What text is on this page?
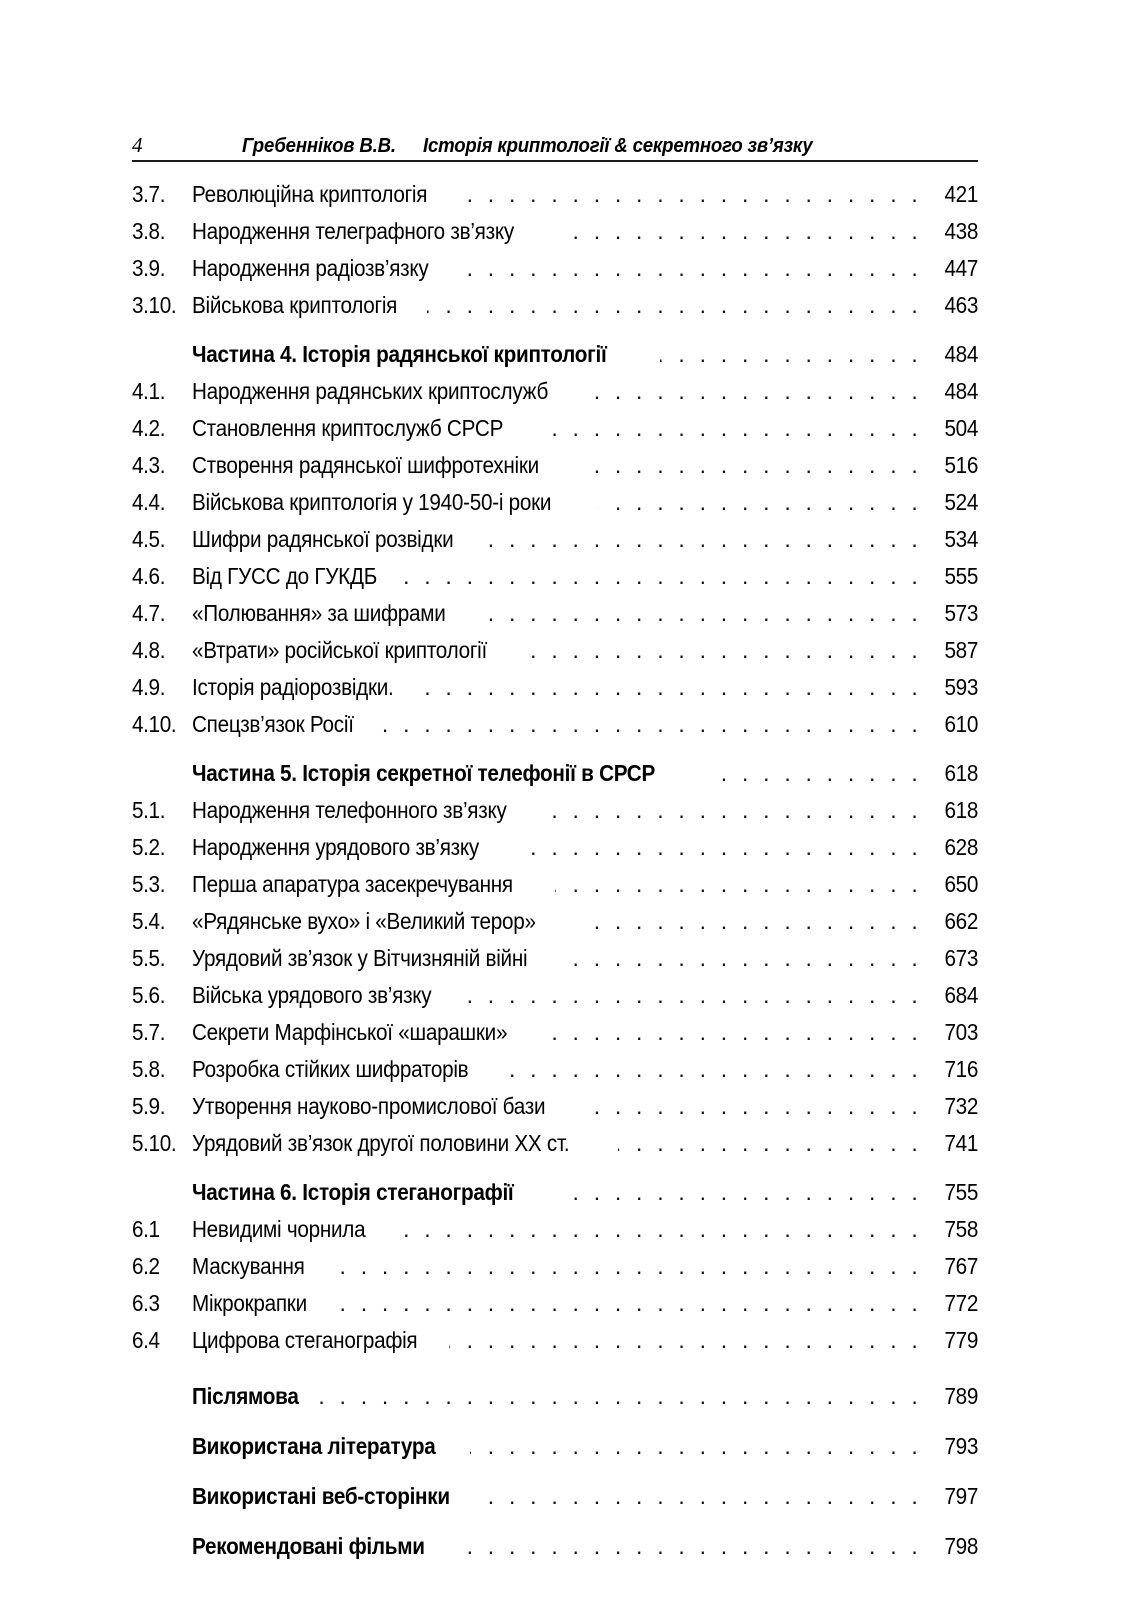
4	Гребенніков В.В. Історія криптології & секретного зв’язку
3.7.	Революційна криптологія . . .	421
3.8.	Народження телеграфного зв’язку . . .	438
3.9.	Народження радіозв’язку . . .	447
3.10. Військова криптологія . . .	463
Частина 4. Історія радянської криптології . . .	484
4.1.	Народження радянських криптослужб . . .	484
4.2.	Становлення криптослужб СРСР . . .	504
4.3.	Створення радянської шифротехніки . . .	516
4.4.	Військова криптологія у 1940-50-і роки . . .	524
4.5.	Шифри радянської розвідки . . .	534
4.6.	Від ГУСС до ГУКДБ . . .	555
4.7.	«Полювання» за шифрами . . .	573
4.8.	«Втрати» російської криптології . . .	587
4.9.	Історія радіорозвідки. . . .	593
4.10. Спецзв’язок Росії . . .	610
Частина 5. Історія секретної телефонії в СРСР . . .	618
5.1.	Народження телефонного зв’язку . . .	618
5.2.	Народження урядового зв’язку . . .	628
5.3.	Перша апаратура засекречування . . .	650
5.4.	«Рядянське вухо» і «Великий терор» . . .	662
5.5.	Урядовий зв’язок у Вітчизняній війні . . .	673
5.6.	Війська урядового зв’язку . . .	684
5.7.	Секрети Марфінської «шарашки» . . .	703
5.8.	Розробка стійких шифраторів . . .	716
5.9.	Утворення науково-промислової бази . . .	732
5.10. Урядовий зв’язок другої половини ХХ ст. . . .	741
Частина 6. Історія стеганографії . . .	755
6.1	Невидимі чорнила . . .	758
6.2	Маскування . . .	767
6.3	Мікрокрапки . . .	772
6.4	Цифрова стеганографія . . .	779
Післямова . . .	789
Використана література . . .	793
Використані веб-сторінки . . .	797
Рекомендовані фільми . . .	798
